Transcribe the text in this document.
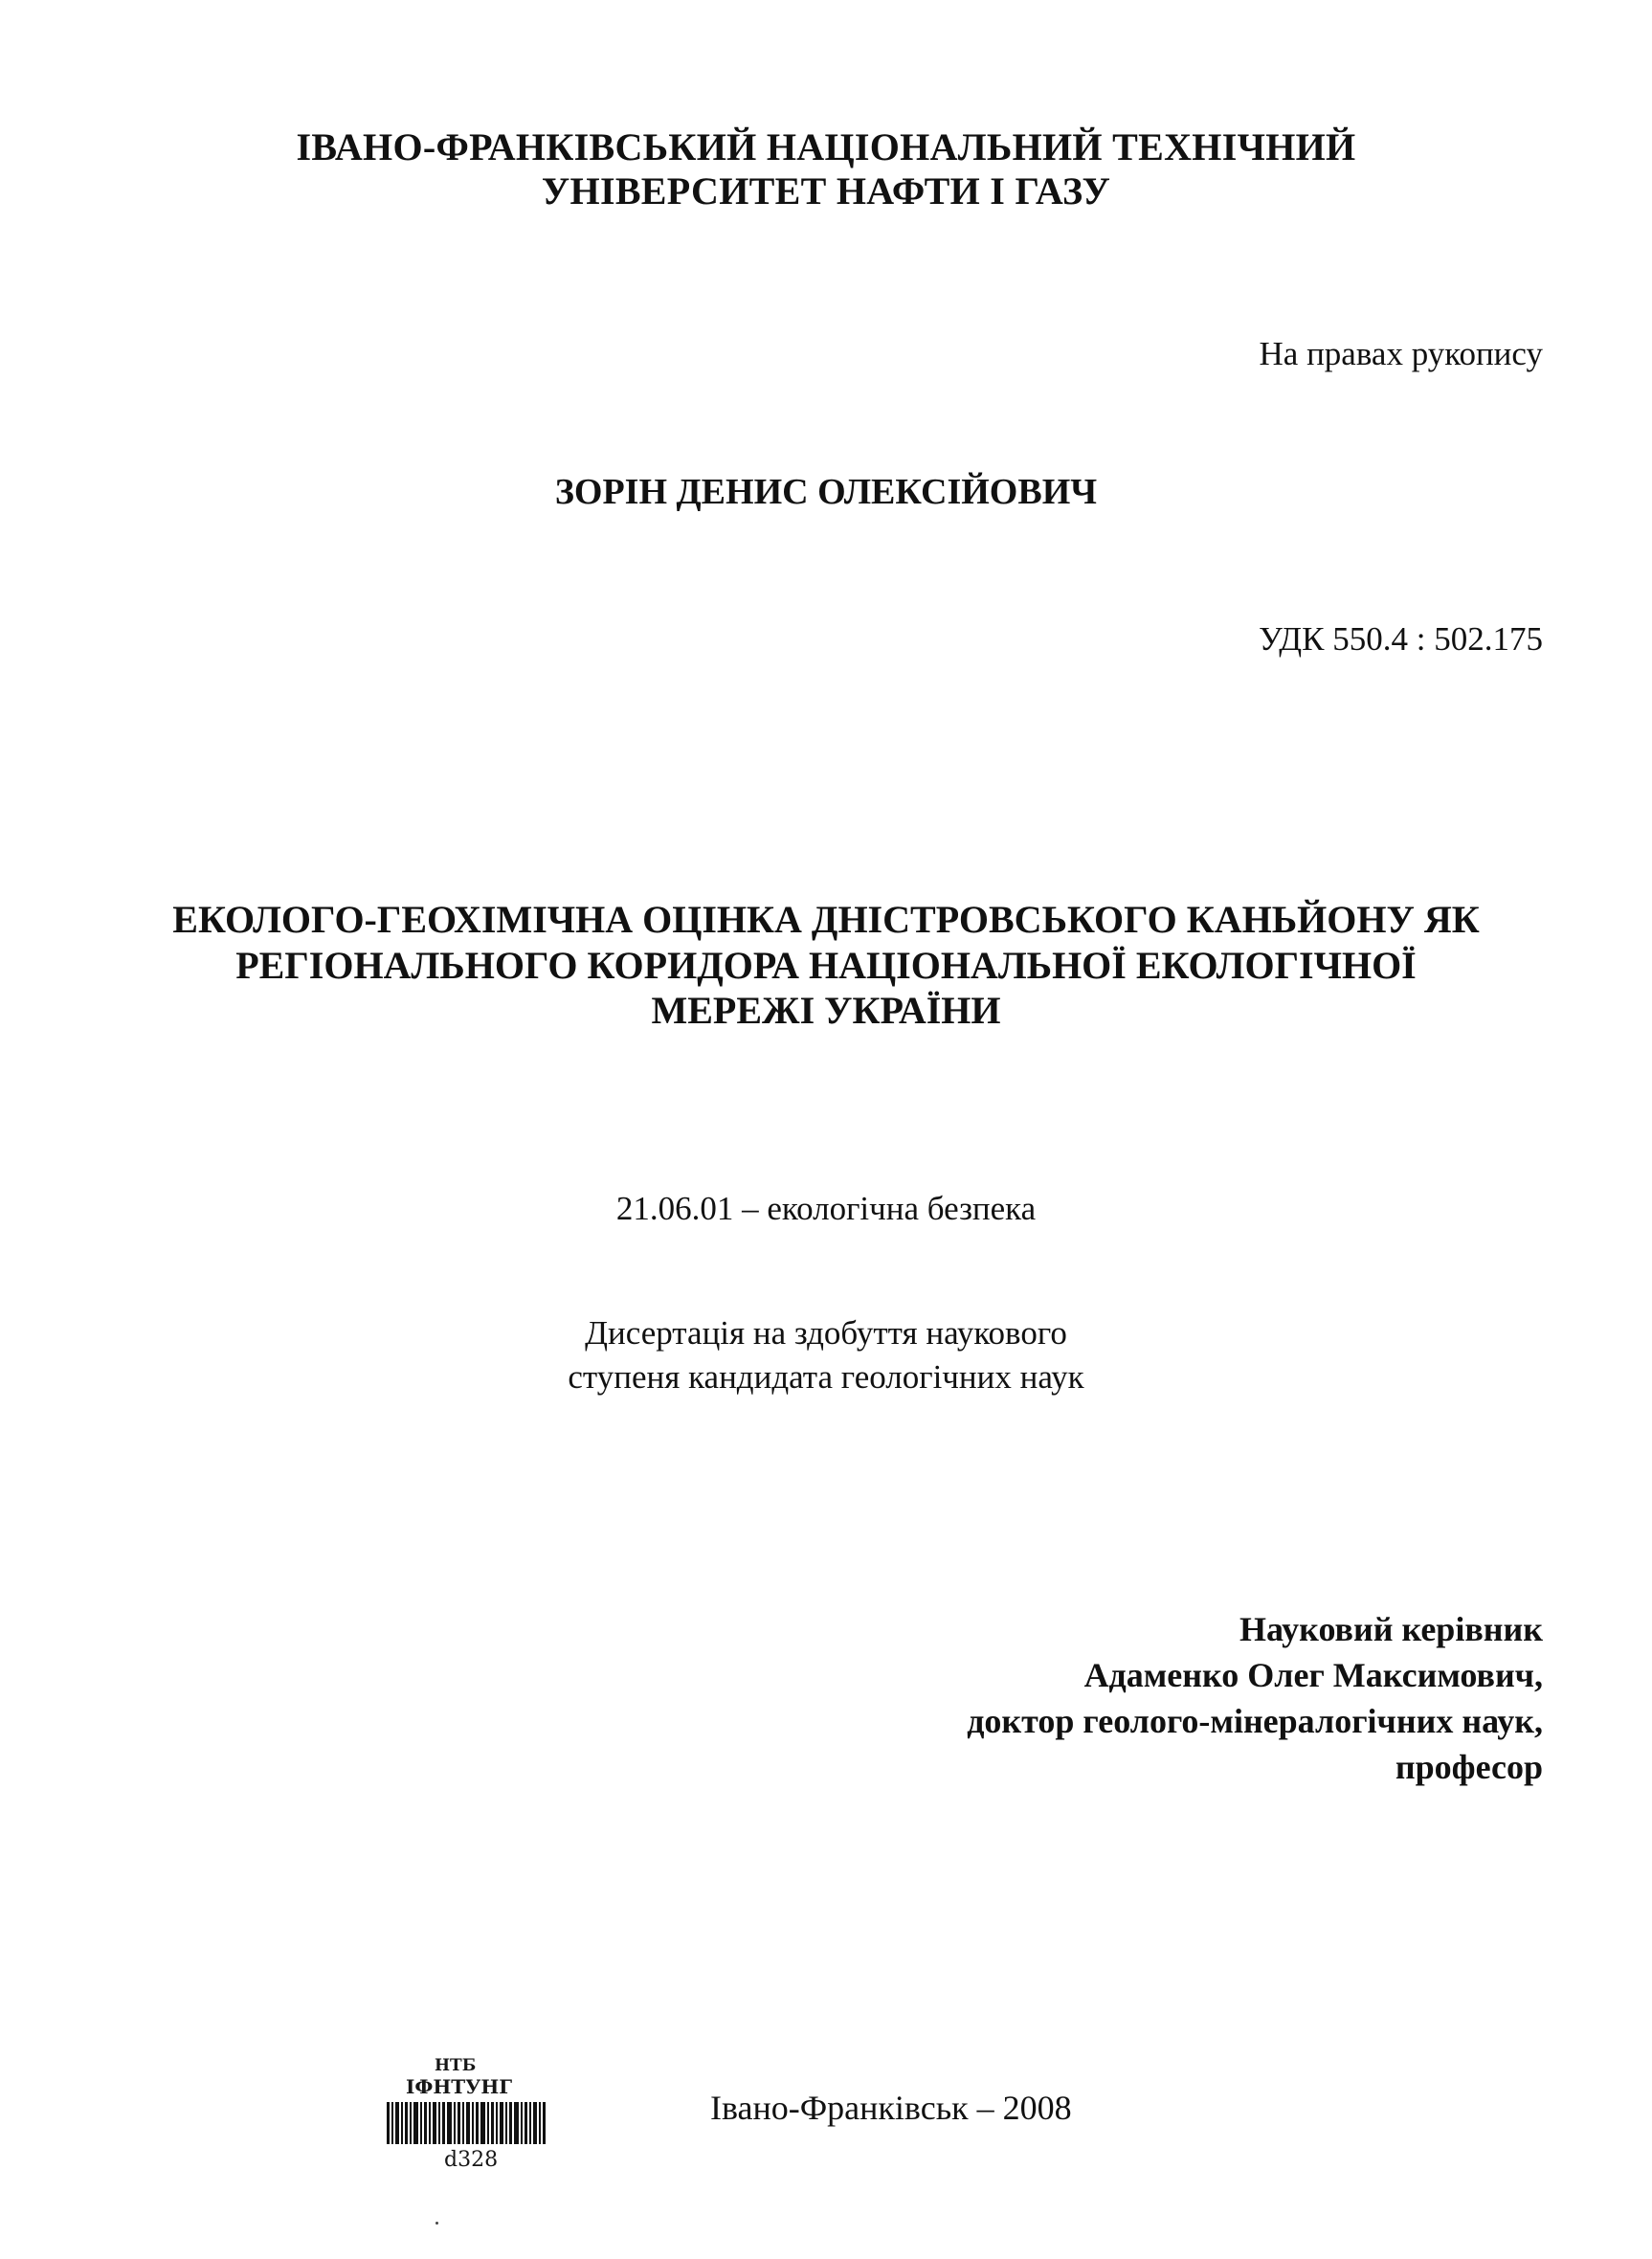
ІВАНО-ФРАНКІВСЬКИЙ НАЦІОНАЛЬНИЙ ТЕХНІЧНИЙ
УНІВЕРСИТЕТ НАФТИ І ГАЗУ
На правах рукопису
ЗОРІН ДЕНИС ОЛЕКСІЙОВИЧ
УДК 550.4 : 502.175
ЕКОЛОГО-ГЕОХІМІЧНА ОЦІНКА ДНІСТРОВСЬКОГО КАНЬЙОНУ ЯК
РЕГІОНАЛЬНОГО КОРИДОРА НАЦІОНАЛЬНОЇ ЕКОЛОГІЧНОЇ
МЕРЕЖІ УКРАЇНИ
21.06.01 – екологічна безпека
Дисертація на здобуття наукового
ступеня кандидата геологічних наук
Науковий керівник
Адаменко Олег Максимович,
доктор геолого-мінералогічних наук,
професор
НТБ
ІФНТУНГ
d328
Івано-Франківськ – 2008
